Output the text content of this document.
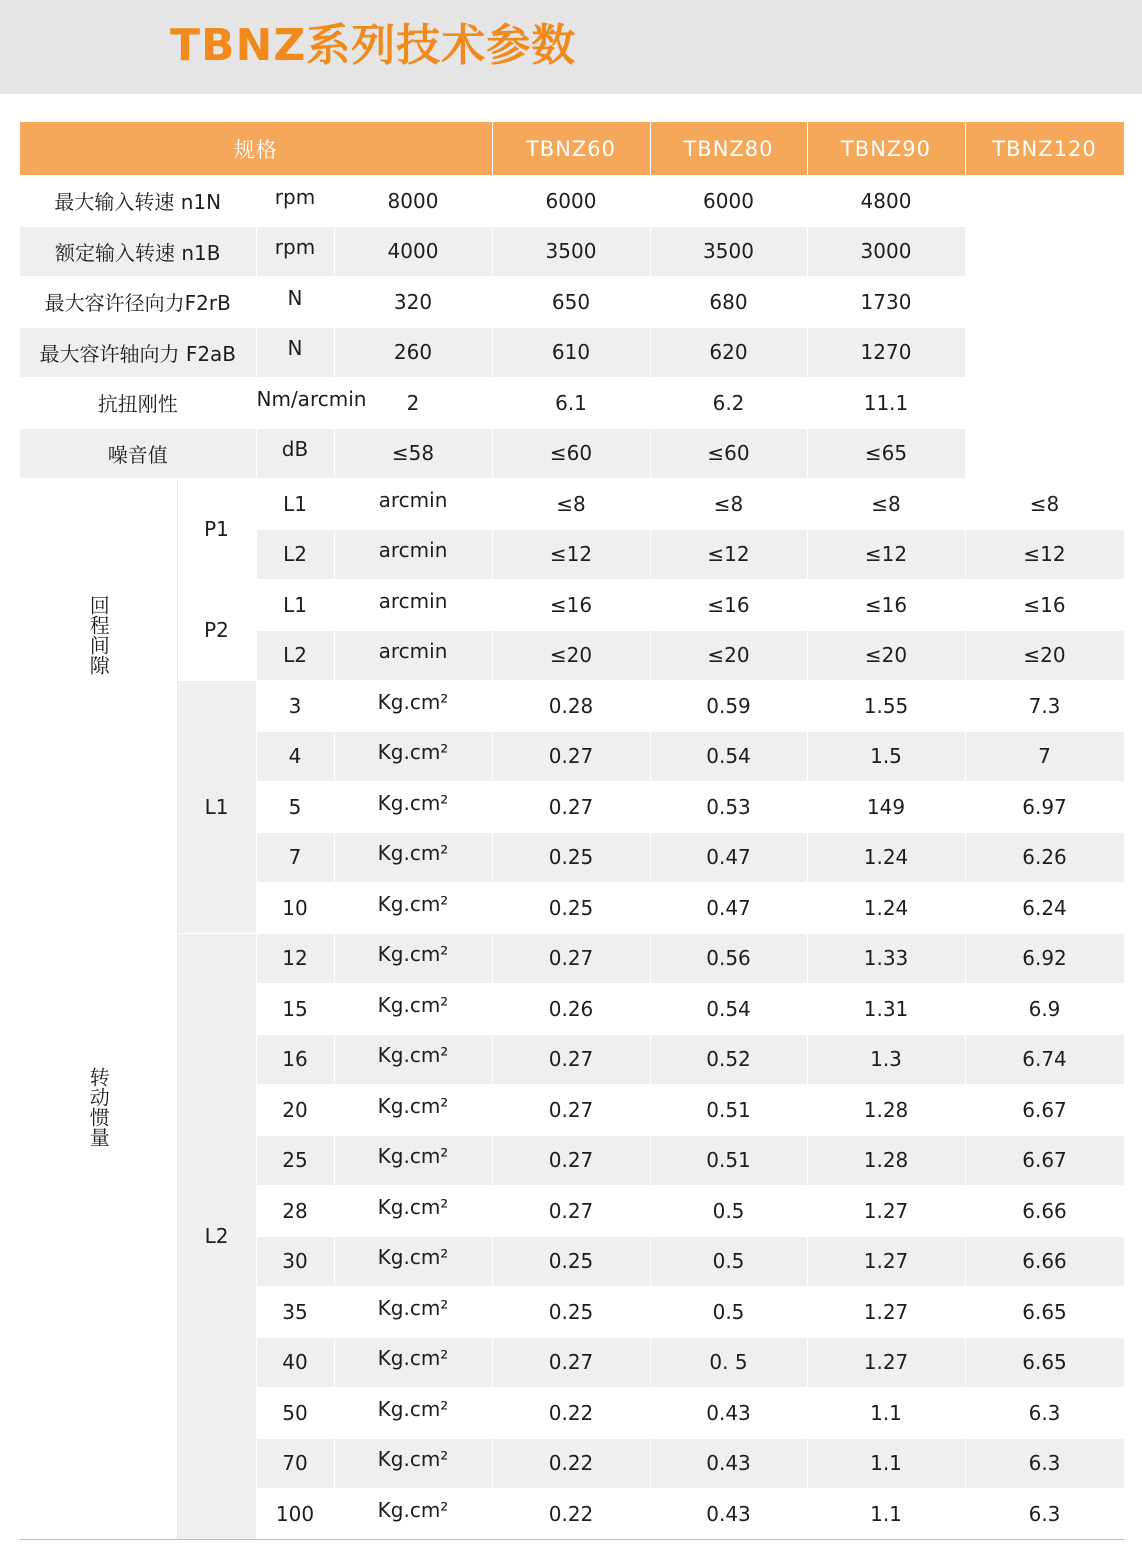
TBNZ系列技术参数
规格				TBNZ60	TBNZ80	TBNZ90	TBNZ120
最大输入转速 n1N		rpm	8000	6000	6000	4800	
额定输入转速 n1B		rpm	4000	3500	3500	3000	
最大容许径向力F2rB		N	320	650	680	1730	
最大容许轴向力 F2aB		N	260	610	620	1270	
抗扭刚性		Nm/arcmin	2	6.1	6.2	11.1	
噪音值		dB	≤58	≤60	≤60	≤65	
回程间隙	P1	L1	arcmin	≤8	≤8	≤8	≤8
		L2	arcmin	≤12	≤12	≤12	≤12
	P2	L1	arcmin	≤16	≤16	≤16	≤16
		L2	arcmin	≤20	≤20	≤20	≤20
转动惯量	L1	3	Kg.cm²	0.28	0.59	1.55	7.3
		4	Kg.cm²	0.27	0.54	1.5	7
		5	Kg.cm²	0.27	0.53	149	6.97
		7	Kg.cm²	0.25	0.47	1.24	6.26
		10	Kg.cm²	0.25	0.47	1.24	6.24
	L2	12	Kg.cm²	0.27	0.56	1.33	6.92
		15	Kg.cm²	0.26	0.54	1.31	6.9
		16	Kg.cm²	0.27	0.52	1.3	6.74
		20	Kg.cm²	0.27	0.51	1.28	6.67
		25	Kg.cm²	0.27	0.51	1.28	6.67
		28	Kg.cm²	0.27	0.5	1.27	6.66
		30	Kg.cm²	0.25	0.5	1.27	6.66
		35	Kg.cm²	0.25	0.5	1.27	6.65
		40	Kg.cm²	0.27	0. 5	1.27	6.65
		50	Kg.cm²	0.22	0.43	1.1	6.3
		70	Kg.cm²	0.22	0.43	1.1	6.3
		100	Kg.cm²	0.22	0.43	1.1	6.3
